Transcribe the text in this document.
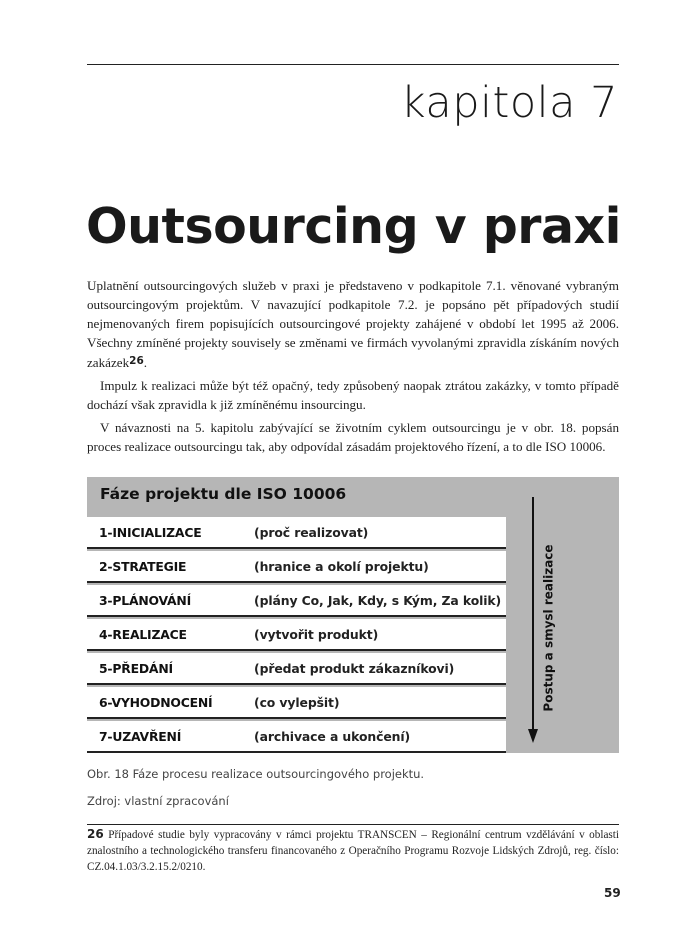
kapitola 7
Outsourcing v praxi

Uplatnění outsourcingových služeb v praxi je představeno v podkapitole 7.1. věnované vybraným outsourcingovým projektům. V navazující podkapitole 7.2. je popsáno pět případových studií nejmenovaných firem popisujících outsourcingové projekty zahájené v období let 1995 až 2006. Všechny zmíněné projekty souvisely se změnami ve firmách vyvolanými zpravidla získáním nových zakázek$^{26}$.

Impulz k realizaci může být též opačný, tedy způsobený naopak ztrátou zakázky, v tomto případě dochází však zpravidla k již zmíněnému insourcingu.

V návaznosti na 5. kapitolu zabývající se životním cyklem outsourcingu je v obr. 18. popsán proces realizace outsourcingu tak, aby odpovídal zásadám projektového řízení, a to dle ISO 10006.

Fáze projektu dle ISO 10006
1-INICIALIZACE	(proč realizovat)
2-STRATEGIE	(hranice a okolí projektu)
3-PLÁNOVÁNÍ	(plány Co, Jak, Kdy, s Kým, Za kolik)
4-REALIZACE	(vytvořit produkt)
5-PŘEDÁNÍ	(předat produkt zákazníkovi)
6-VYHODNOCENÍ	(co vylepšit)
7-UZAVŘENÍ	(archivace a ukončení)
Postup a smysl realizace
Obr. 18 Fáze procesu realizace outsourcingového projektu.
Zdroj: vlastní zpracování

26 Případové studie byly vypracovány v rámci projektu TRANSCEN – Regionální centrum vzdělávání v oblasti znalostního a technologického transferu financovaného z Operačního Programu Rozvoje Lidských Zdrojů, reg. číslo: CZ.04.1.03/3.2.15.2/0210.

59
